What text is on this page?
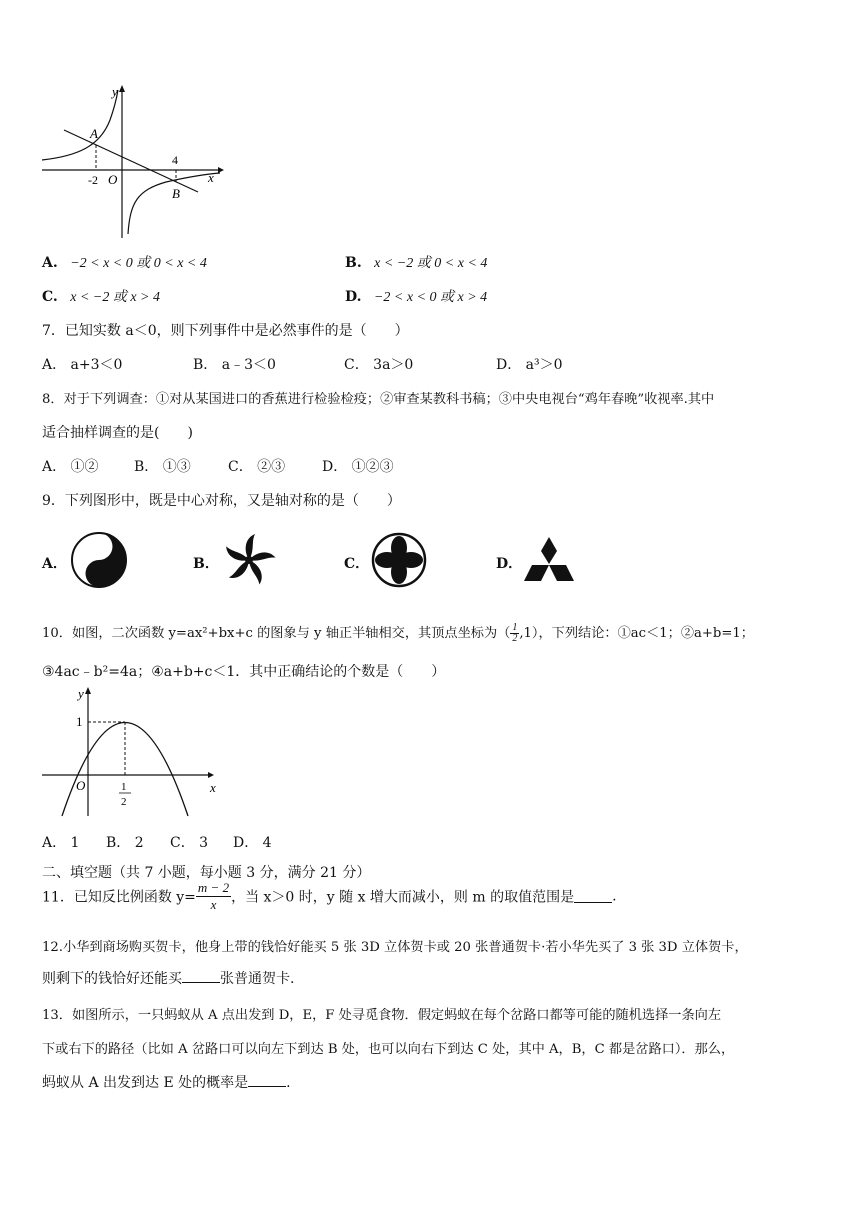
y
x
A
B
O
-2
4
A. −2 < x < 0 或 0 < x < 4	B. x < −2 或 0 < x < 4
C. x < −2 或 x > 4	D. −2 < x < 0 或 x > 4
7．已知实数 a＜0，则下列事件中是必然事件的是（　　）
A． a+3＜0	B． a﹣3＜0	C． 3a＞0	D． a³＞0
8．对于下列调查：①对从某国进口的香蕉进行检验检疫；②审查某教科书稿；③中央电视台“鸡年春晚”收视率.其中
适合抽样调查的是(　　)
A． ①②	B． ①③	C． ②③	D． ①②③
9．下列图形中，既是中心对称，又是轴对称的是（　　）
A．	B．	C．	D．
10．如图，二次函数 y=ax²+bx+c 的图象与 y 轴正半轴相交，其顶点坐标为（ $\frac{1}{2} ,1$），下列结论：①ac＜1；②a+b=1；
③4ac﹣b²=4a；④a+b+c＜1．其中正确结论的个数是（　　）
y
x
O
1
1
2
A． 1 B． 2 C． 3 D． 4
二、填空题（共 7 小题，每小题 3 分，满分 21 分）
11．已知反比例函数 $y= \frac{m - 2}{x}$ ，当 x＞0 时，y 随 x 增大而减小，则 m 的取值范围是	.
12.小华到商场购买贺卡，他身上带的钱恰好能买 5 张 3D 立体贺卡或 20 张普通贺卡·若小华先买了 3 张 3D 立体贺卡，
则剩下的钱恰好还能买	张普通贺卡.
13．如图所示，一只蚂蚁从 A 点出发到 D，E，F 处寻觅食物．假定蚂蚁在每个岔路口都等可能的随机选择一条向左
下或右下的路径（比如 A 岔路口可以向左下到达 B 处，也可以向右下到达 C 处，其中 A，B，C 都是岔路口）．那么，
蚂蚁从 A 出发到达 E 处的概率是	.
